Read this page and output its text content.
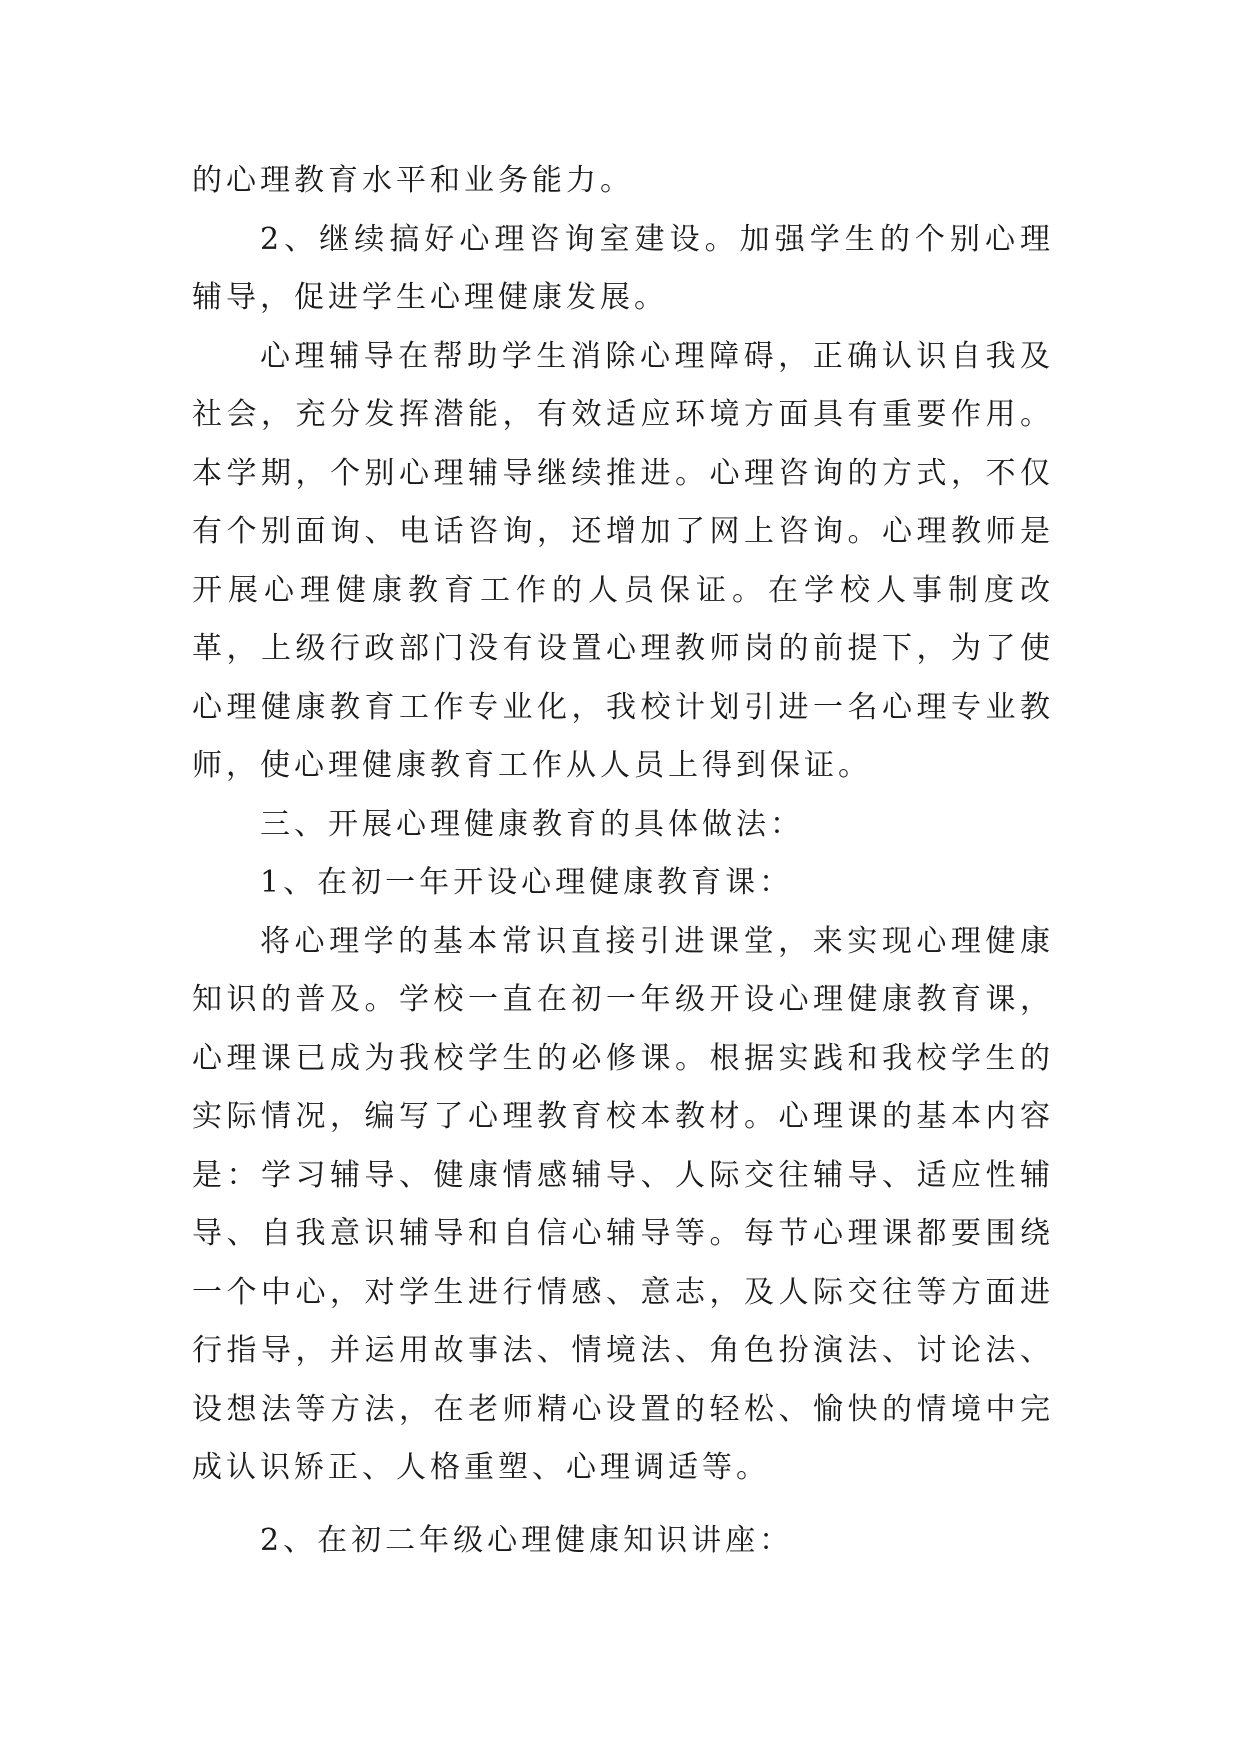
的心理教育水平和业务能力。

2、继续搞好心理咨询室建设。加强学生的个别心理辅导，促进学生心理健康发展。

心理辅导在帮助学生消除心理障碍，正确认识自我及社会，充分发挥潜能，有效适应环境方面具有重要作用。本学期，个别心理辅导继续推进。心理咨询的方式，不仅有个别面询、电话咨询，还增加了网上咨询。心理教师是开展心理健康教育工作的人员保证。在学校人事制度改革，上级行政部门没有设置心理教师岗的前提下，为了使心理健康教育工作专业化，我校计划引进一名心理专业教师，使心理健康教育工作从人员上得到保证。

三、开展心理健康教育的具体做法：

1、在初一年开设心理健康教育课：

将心理学的基本常识直接引进课堂，来实现心理健康知识的普及。学校一直在初一年级开设心理健康教育课，心理课已成为我校学生的必修课。根据实践和我校学生的实际情况，编写了心理教育校本教材。心理课的基本内容是：学习辅导、健康情感辅导、人际交往辅导、适应性辅导、自我意识辅导和自信心辅导等。每节心理课都要围绕一个中心，对学生进行情感、意志，及人际交往等方面进行指导，并运用故事法、情境法、角色扮演法、讨论法、设想法等方法，在老师精心设置的轻松、愉快的情境中完成认识矫正、人格重塑、心理调适等。

2、在初二年级心理健康知识讲座：
